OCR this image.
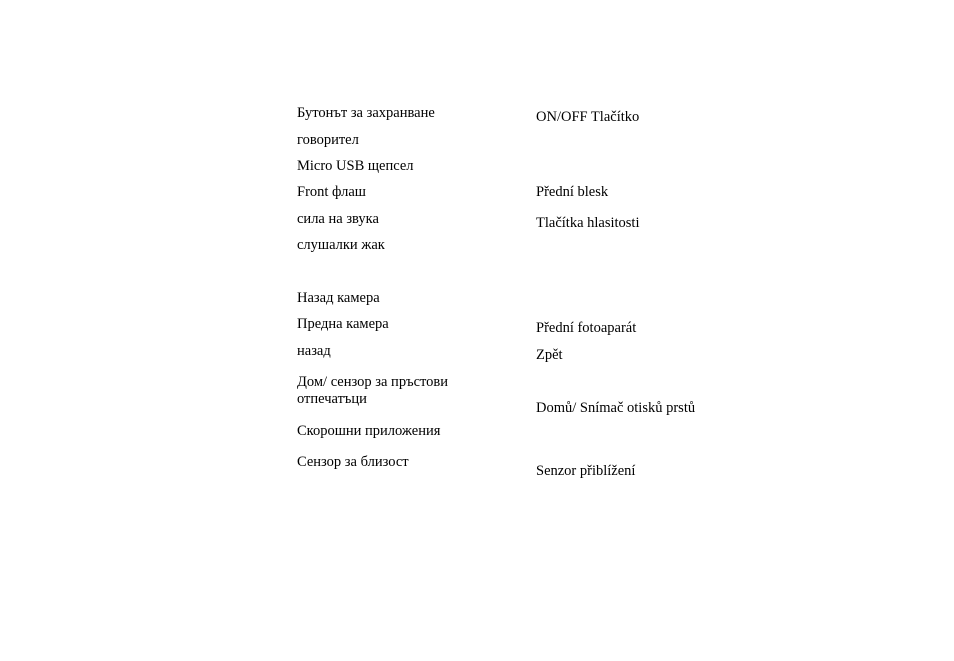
Бутонът за захранване
говорител
Micro USB щепсел
Front флаш
сила на звука
слушалки жак
Назад камера
Предна камера
назад
Дом/ сензор за пръстови отпечатъци
Скорошни приложения
Сензор за близост
ON/OFF Tlačítko
Přední blesk
Tlačítka hlasitosti
Přední fotoaparát
Zpět
Domů/ Snímač otisků prstů
Senzor přiblížení
